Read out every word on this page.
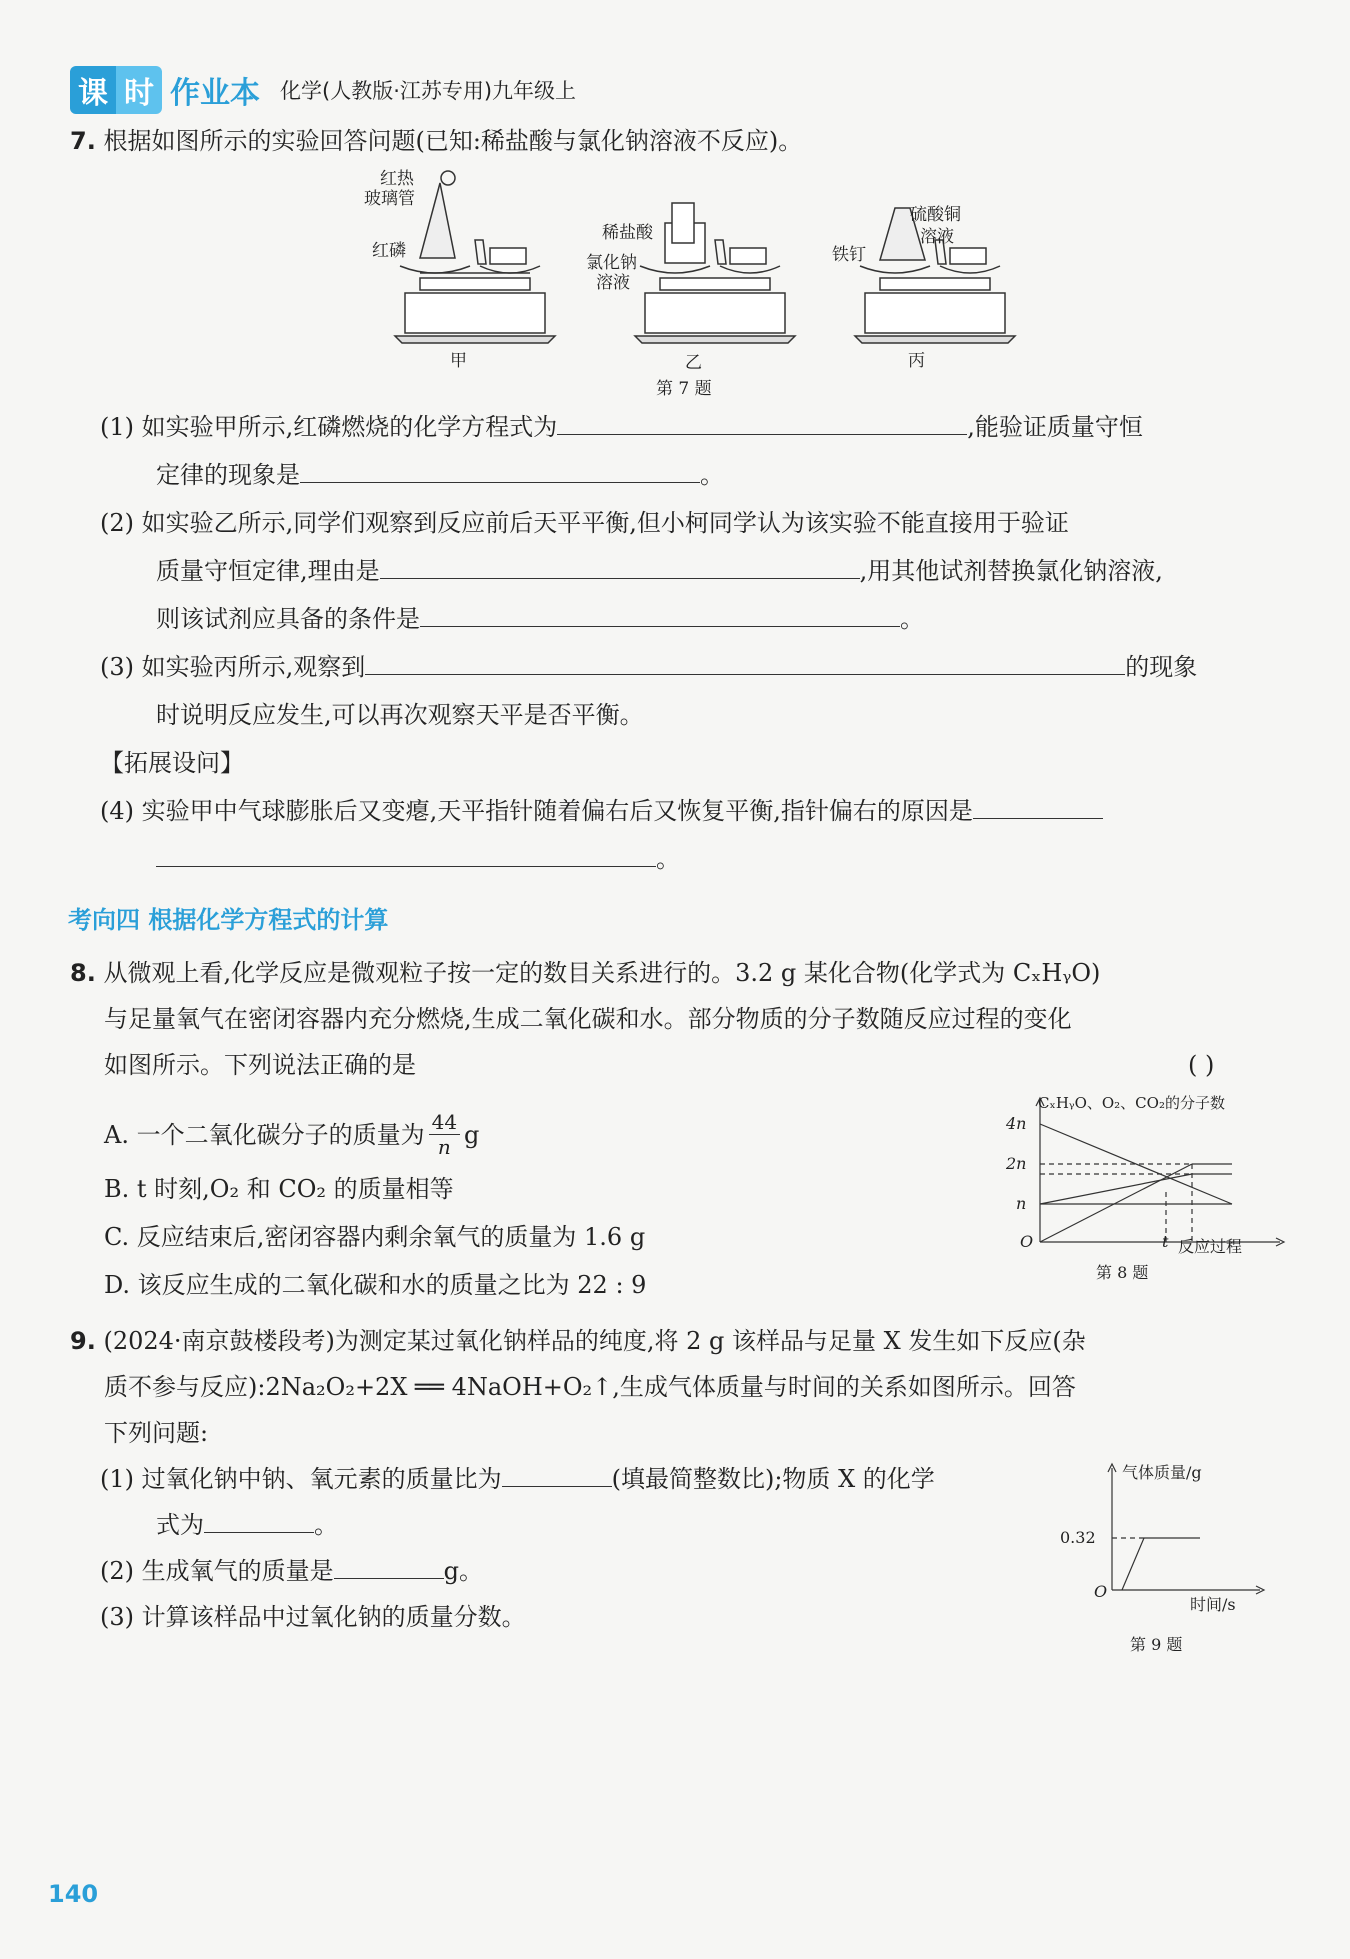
课 时 作业本 化学(人教版·江苏专用)九年级上
7. 根据如图所示的实验回答问题(已知:稀盐酸与氯化钠溶液不反应)。
红热
玻璃管
红磷
稀盐酸
氯化钠
溶液
铁钉
硫酸铜
溶液
甲	乙	丙
第 7 题
(1) 如实验甲所示,红磷燃烧的化学方程式为	,能验证质量守恒
定律的现象是	。
(2) 如实验乙所示,同学们观察到反应前后天平平衡,但小柯同学认为该实验不能直接用于验证
质量守恒定律,理由是	,用其他试剂替换氯化钠溶液,
则该试剂应具备的条件是	。
(3) 如实验丙所示,观察到	的现象
时说明反应发生,可以再次观察天平是否平衡。
【拓展设问】
(4) 实验甲中气球膨胀后又变瘪,天平指针随着偏右后又恢复平衡,指针偏右的原因是
。
考向四 根据化学方程式的计算
8. 从微观上看,化学反应是微观粒子按一定的数目关系进行的。3.2 g 某化合物(化学式为 CₓHᵧO)
与足量氧气在密闭容器内充分燃烧,生成二氧化碳和水。部分物质的分子数随反应过程的变化
如图所示。下列说法正确的是	( )
A. 一个二氧化碳分子的质量为 $\frac{44}{n}$ g
B. t 时刻,O₂ 和 CO₂ 的质量相等
C. 反应结束后,密闭容器内剩余氧气的质量为 1.6 g
D. 该反应生成的二氧化碳和水的质量之比为 22 : 9
CₓHᵧO、O₂、CO₂的分子数
4n
2n
n
O	t 反应过程
第 8 题
9. (2024·南京鼓楼段考)为测定某过氧化钠样品的纯度,将 2 g 该样品与足量 X 发生如下反应(杂
质不参与反应):2Na₂O₂+2X ══ 4NaOH+O₂↑,生成气体质量与时间的关系如图所示。回答
下列问题:
(1) 过氧化钠中钠、氧元素的质量比为	(填最简整数比);物质 X 的化学
式为	。
(2) 生成氧气的质量是	g。
(3) 计算该样品中过氧化钠的质量分数。
气体质量/g
0.32
O
时间/s
第 9 题
140
